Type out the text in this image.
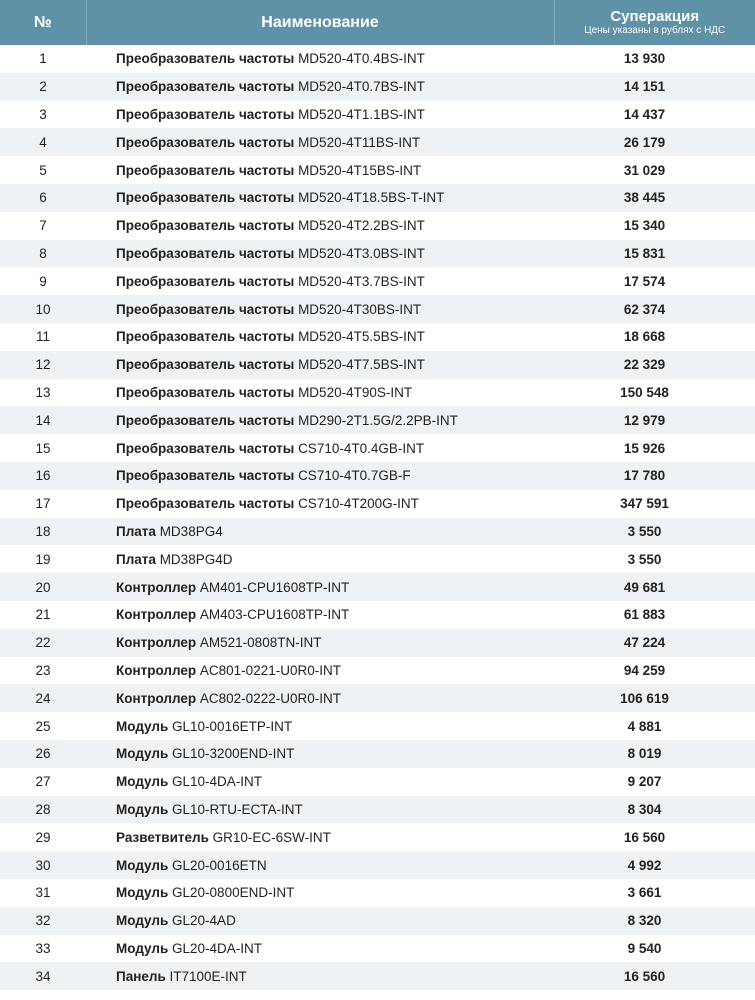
№	Наименование	Суперакция
Цены указаны в рублях с НДС

1	Преобразователь частоты MD520-4T0.4BS-INT	13 930
2	Преобразователь частоты MD520-4T0.7BS-INT	14 151
3	Преобразователь частоты MD520-4T1.1BS-INT	14 437
4	Преобразователь частоты MD520-4T11BS-INT	26 179
5	Преобразователь частоты MD520-4T15BS-INT	31 029
6	Преобразователь частоты MD520-4T18.5BS-T-INT	38 445
7	Преобразователь частоты MD520-4T2.2BS-INT	15 340
8	Преобразователь частоты MD520-4T3.0BS-INT	15 831
9	Преобразователь частоты MD520-4T3.7BS-INT	17 574
10	Преобразователь частоты MD520-4T30BS-INT	62 374
11	Преобразователь частоты MD520-4T5.5BS-INT	18 668
12	Преобразователь частоты MD520-4T7.5BS-INT	22 329
13	Преобразователь частоты MD520-4T90S-INT	150 548
14	Преобразователь частоты MD290-2T1.5G/2.2PB-INT	12 979
15	Преобразователь частоты CS710-4T0.4GB-INT	15 926
16	Преобразователь частоты CS710-4T0.7GB-F	17 780
17	Преобразователь частоты CS710-4T200G-INT	347 591
18	Плата MD38PG4	3 550
19	Плата MD38PG4D	3 550
20	Контроллер AM401-CPU1608TP-INT	49 681
21	Контроллер AM403-CPU1608TP-INT	61 883
22	Контроллер AM521-0808TN-INT	47 224
23	Контроллер AC801-0221-U0R0-INT	94 259
24	Контроллер AC802-0222-U0R0-INT	106 619
25	Модуль GL10-0016ETP-INT	4 881
26	Модуль GL10-3200END-INT	8 019
27	Модуль GL10-4DA-INT	9 207
28	Модуль GL10-RTU-ECTA-INT	8 304
29	Разветвитель GR10-EC-6SW-INT	16 560
30	Модуль GL20-0016ETN	4 992
31	Модуль GL20-0800END-INT	3 661
32	Модуль GL20-4AD	8 320
33	Модуль GL20-4DA-INT	9 540
34	Панель IT7100E-INT	16 560
